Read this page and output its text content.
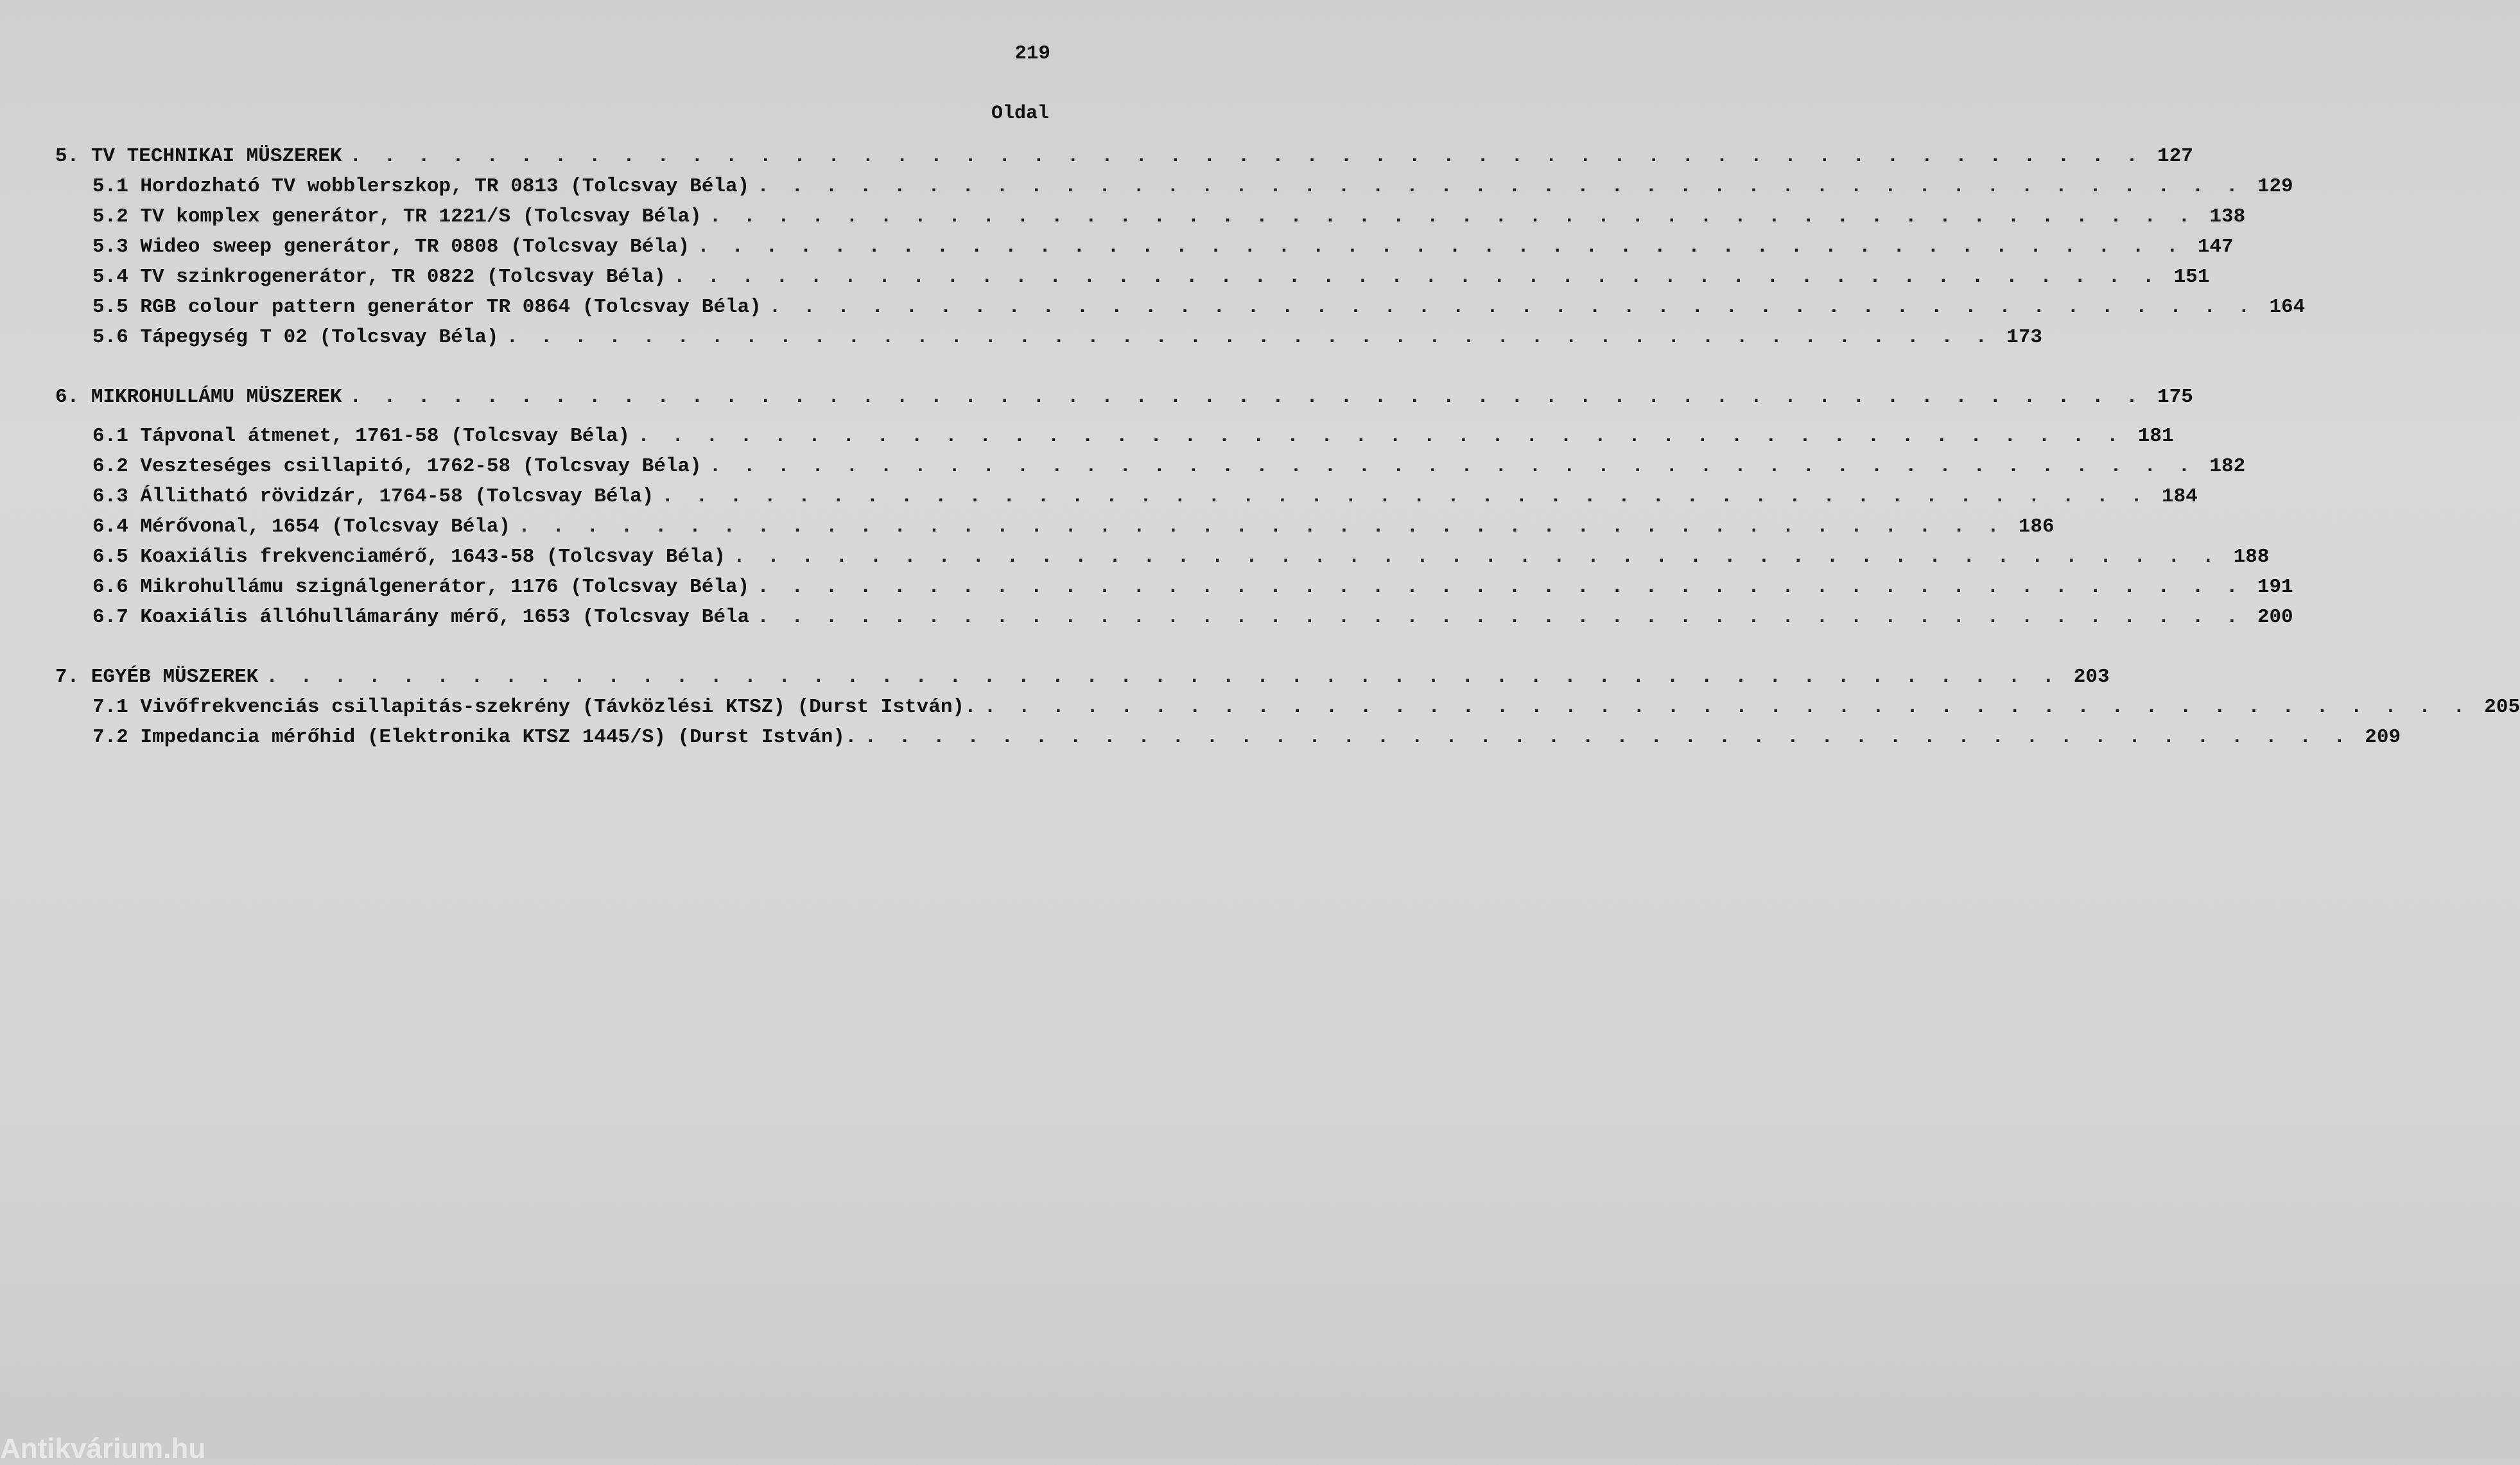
219
Oldal
5. TV TECHNIKAI MÜSZEREK . . . . . . . . . . . . . . . . . . . . . . . . . . . . . . . . . . . . . . . . . . . . . . . . . . . . . 127
5.1 Hordozható TV wobblerszkop, TR 0813 (Tolcsvay Béla) . . . . . . . . . . . . . . . . . . . . . . . . . . . . . . . . . . . . . . . . . . . . 129
5.2 TV komplex generátor, TR 1221/S (Tolcsvay Béla) . . . . . . . . . . . . . . . . . . . . . . . . . . . . . . . . . . . . . . . . . . . . 138
5.3 Wideo sweep generátor, TR 0808 (Tolcsvay Béla) . . . . . . . . . . . . . . . . . . . . . . . . . . . . . . . . . . . . . . . . . . . . 147
5.4 TV szinkrogenerátor, TR 0822 (Tolcsvay Béla) . . . . . . . . . . . . . . . . . . . . . . . . . . . . . . . . . . . . . . . . . . . . 151
5.5 RGB colour pattern generátor TR 0864 (Tolcsvay Béla) . . . . . . . . . . . . . . . . . . . . . . . . . . . . . . . . . . . . . . . . . . . . 164
5.6 Tápegység T 02 (Tolcsvay Béla) . . . . . . . . . . . . . . . . . . . . . . . . . . . . . . . . . . . . . . . . . . . . 173
6. MIKROHULLÁMU MÜSZEREK . . . . . . . . . . . . . . . . . . . . . . . . . . . . . . . . . . . . . . . . . . . . . . . . . . . . . 175
6.1 Tápvonal átmenet, 1761-58 (Tolcsvay Béla) . . . . . . . . . . . . . . . . . . . . . . . . . . . . . . . . . . . . . . . . . . . . 181
6.2 Veszteséges csillapitó, 1762-58 (Tolcsvay Béla) . . . . . . . . . . . . . . . . . . . . . . . . . . . . . . . . . . . . . . . . . . . . 182
6.3 Állitható rövidzár, 1764-58 (Tolcsvay Béla) . . . . . . . . . . . . . . . . . . . . . . . . . . . . . . . . . . . . . . . . . . . . 184
6.4 Mérővonal, 1654 (Tolcsvay Béla) . . . . . . . . . . . . . . . . . . . . . . . . . . . . . . . . . . . . . . . . . . . . 186
6.5 Koaxiális frekvenciamérő, 1643-58 (Tolcsvay Béla) . . . . . . . . . . . . . . . . . . . . . . . . . . . . . . . . . . . . . . . . . . . . 188
6.6 Mikrohullámu szignálgenerátor, 1176 (Tolcsvay Béla) . . . . . . . . . . . . . . . . . . . . . . . . . . . . . . . . . . . . . . . . . . . . 191
6.7 Koaxiális állóhullámarány mérő, 1653 (Tolcsvay Béla . . . . . . . . . . . . . . . . . . . . . . . . . . . . . . . . . . . . . . . . . . . . 200
7. EGYÉB MÜSZEREK . . . . . . . . . . . . . . . . . . . . . . . . . . . . . . . . . . . . . . . . . . . . . . . . . . . . . 203
7.1 Vivőfrekvenciás csillapitás-szekrény (Távközlési KTSZ) (Durst István). . . . . . . . . . . . . . . . . . . . . . . . . . . . . . . . . . . . . . . . . . . . . 205
7.2 Impedancia mérőhid (Elektronika KTSZ 1445/S) (Durst István). . . . . . . . . . . . . . . . . . . . . . . . . . . . . . . . . . . . . . . . . . . . . 209
Antikvárium.hu
